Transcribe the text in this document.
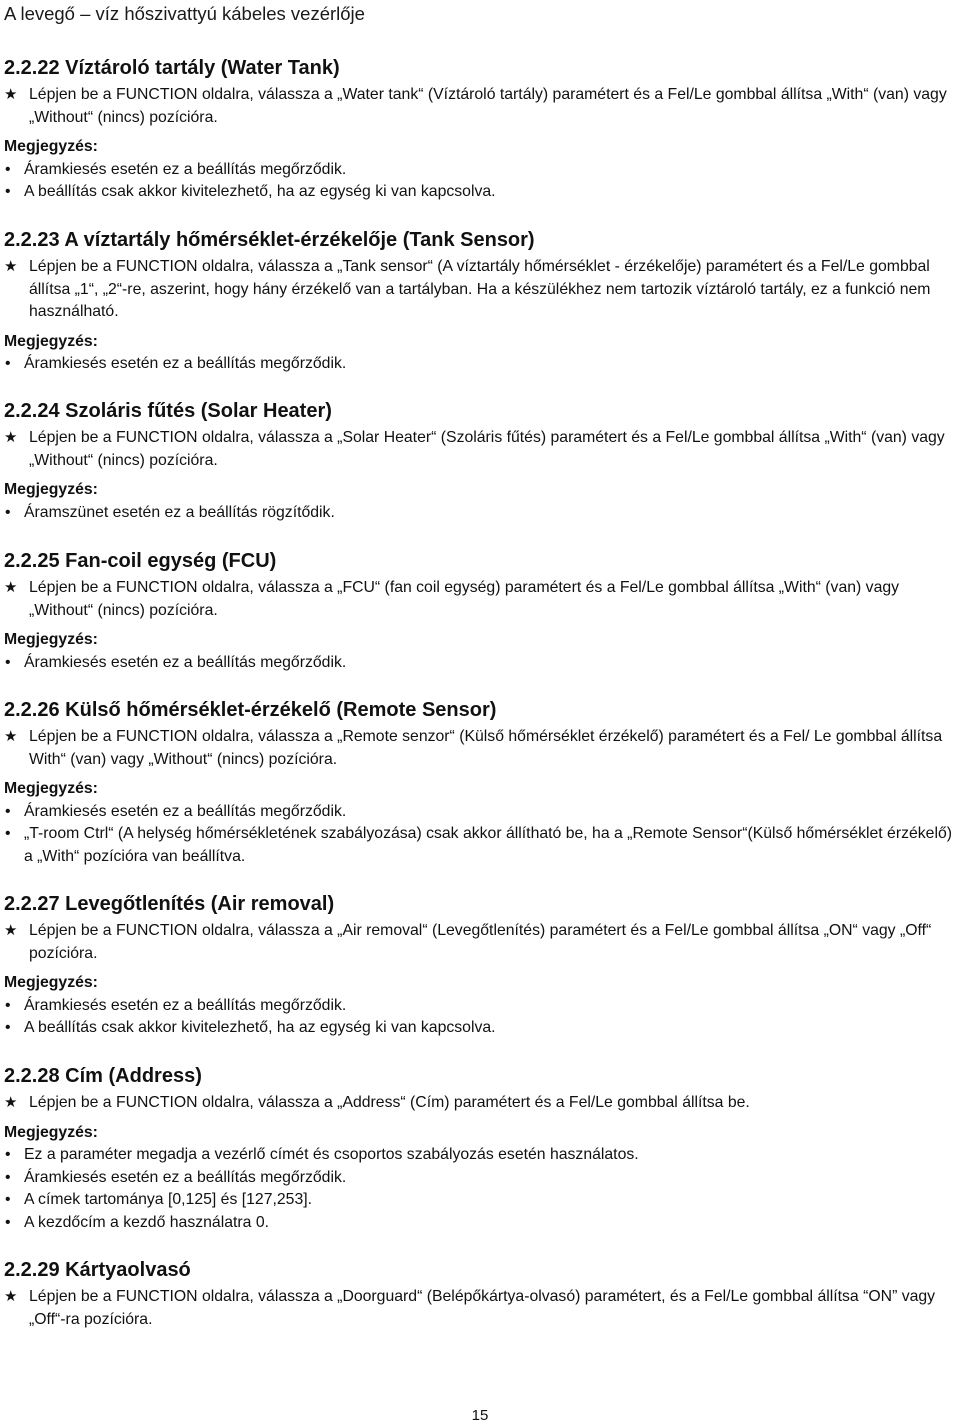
A levegő – víz hőszivattyú kábeles vezérlője
2.2.22 Víztároló tartály (Water Tank)

★ Lépjen be a FUNCTION oldalra, válassza a „Water tank“ (Víztároló tartály) paramétert és a Fel/Le gombbal állítsa „With“ (van) vagy „Without“ (nincs) pozícióra.

Megjegyzés:
• Áramkiesés esetén ez a beállítás megőrződik.
• A beállítás csak akkor kivitelezhető, ha az egység ki van kapcsolva.
2.2.23 A víztartály hőmérséklet-érzékelője (Tank Sensor)

★ Lépjen be a FUNCTION oldalra, válassza a „Tank sensor“ (A víztartály hőmérséklet - érzékelője) paramétert és a Fel/Le gombbal állítsa „1“, „2“-re, aszerint, hogy hány érzékelő van a tartályban. Ha a készülékhez nem tartozik víztároló tartály, ez a funkció nem használható.

Megjegyzés:
• Áramkiesés esetén ez a beállítás megőrződik.
2.2.24 Szoláris fűtés (Solar Heater)

★ Lépjen be a FUNCTION oldalra, válassza a „Solar Heater“ (Szoláris fűtés) paramétert és a Fel/Le gombbal állítsa „With“ (van) vagy „Without“ (nincs) pozícióra.

Megjegyzés:
• Áramszünet esetén ez a beállítás rögzítődik.
2.2.25 Fan-coil egység (FCU)

★ Lépjen be a FUNCTION oldalra, válassza a „FCU“ (fan coil egység) paramétert és a Fel/Le gombbal állítsa „With“ (van) vagy „Without“ (nincs) pozícióra.

Megjegyzés:
• Áramkiesés esetén ez a beállítás megőrződik.
2.2.26 Külső hőmérséklet-érzékelő (Remote Sensor)

★ Lépjen be a FUNCTION oldalra, válassza a „Remote senzor“ (Külső hőmérséklet érzékelő) paramétert és a Fel/ Le gombbal állítsa With“ (van) vagy „Without“ (nincs) pozícióra.

Megjegyzés:
• Áramkiesés esetén ez a beállítás megőrződik.
• „T-room Ctrl“ (A helység hőmérsékletének szabályozása) csak akkor állítható be, ha a „Remote Sensor“(Külső hőmérséklet érzékelő) a „With“ pozícióra van beállítva.
2.2.27 Levegőtlenítés (Air removal)

★ Lépjen be a FUNCTION oldalra, válassza a „Air removal“ (Levegőtlenítés) paramétert és a Fel/Le gombbal állítsa „ON“ vagy „Off“ pozícióra.

Megjegyzés:
• Áramkiesés esetén ez a beállítás megőrződik.
• A beállítás csak akkor kivitelezhető, ha az egység ki van kapcsolva.
2.2.28 Cím (Address)

★ Lépjen be a FUNCTION oldalra, válassza a „Address“ (Cím) paramétert és a Fel/Le gombbal állítsa be.

Megjegyzés:
• Ez a paraméter megadja a vezérlő címét és csoportos szabályozás esetén használatos.
• Áramkiesés esetén ez a beállítás megőrződik.
• A címek tartománya [0,125] és [127,253].
• A kezdőcím a kezdő használatra 0.
2.2.29 Kártyaolvasó

★ Lépjen be a FUNCTION oldalra, válassza a „Doorguard“ (Belépőkártya-olvasó) paramétert, és a Fel/Le gombbal állítsa “ON” vagy „Off“-ra pozícióra.

15
